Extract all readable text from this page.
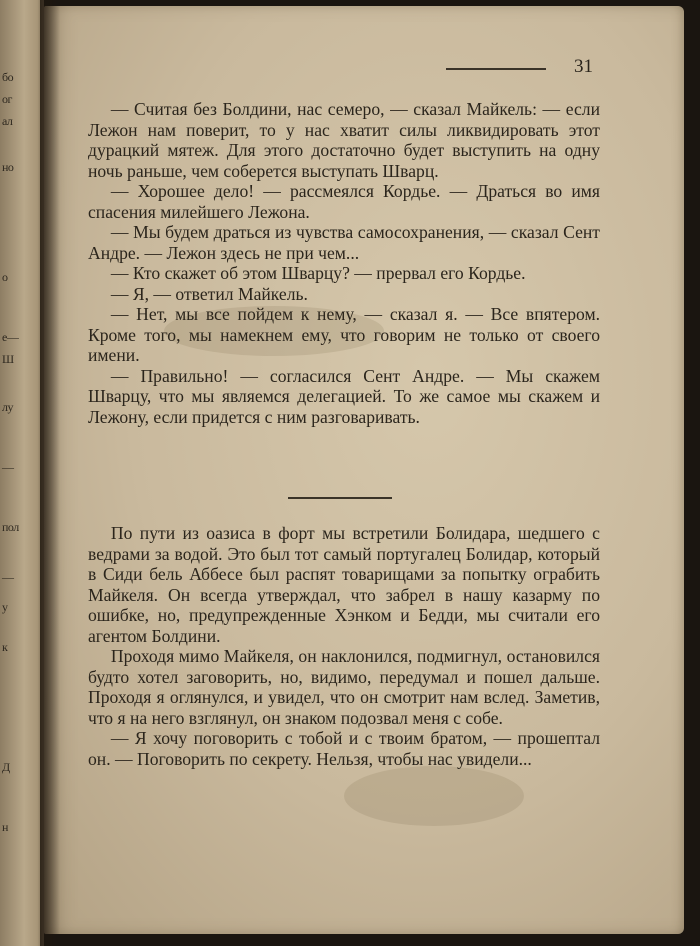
бо
ог
ал
но
о
е—
Ш
лу
—
пол
—
у
к
Д
н
31

— Считая без Болдини, нас семеро, — сказал Майкель: — если Лежон нам поверит, то у нас хватит силы ликвидировать этот дурацкий мятеж. Для этого достаточно будет выступить на одну ночь раньше, чем соберется выступать Шварц.

— Хорошее дело! — рассмеялся Кордье. — Драться во имя спасения милейшего Лежона.

— Мы будем драться из чувства самосохранения, — сказал Сент Андре. — Лежон здесь не при чем...

— Кто скажет об этом Шварцу? — прервал его Кордье.

— Я, — ответил Майкель.

— Нет, мы все пойдем к нему, — сказал я. — Все впятером. Кроме того, мы намекнем ему, что говорим не только от своего имени.

— Правильно! — согласился Сент Андре. — Мы скажем Шварцу, что мы являемся делегацией. То же самое мы скажем и Лежону, если придется с ним разговаривать.

По пути из оазиса в форт мы встретили Болидара, шедшего с ведрами за водой. Это был тот самый португалец Болидар, который в Сиди бель Аббесе был распят товарищами за попытку ограбить Майкеля. Он всегда утверждал, что забрел в нашу казарму по ошибке, но, предупрежденные Хэнком и Бедди, мы считали его агентом Болдини.

Проходя мимо Майкеля, он наклонился, подмигнул, остановился будто хотел заговорить, но, видимо, передумал и пошел дальше. Проходя я оглянулся, и увидел, что он смотрит нам вслед. Заметив, что я на него взглянул, он знаком подозвал меня с собе.

— Я хочу поговорить с тобой и с твоим братом, — прошептал он. — Поговорить по секрету. Нельзя, чтобы нас увидели...
